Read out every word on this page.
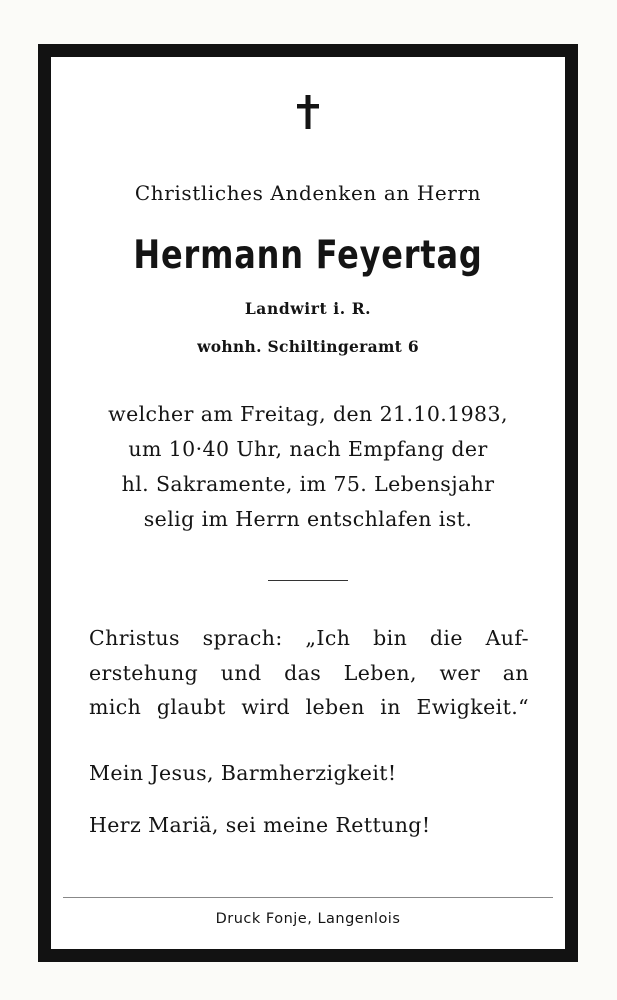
Christliches Andenken an Herrn
Hermann Feyertag
Landwirt i. R.
wohnh. Schiltingeramt 6
welcher am Freitag, den 21.10.1983,
um 10·40 Uhr, nach Empfang der
hl. Sakramente, im 75. Lebensjahr
selig im Herrn entschlafen ist.
Christus sprach: „Ich bin die Auf-
erstehung und das Leben, wer an
mich glaubt wird leben in Ewigkeit.“
Mein Jesus, Barmherzigkeit!
Herz Mariä, sei meine Rettung!
Druck Fonje, Langenlois
